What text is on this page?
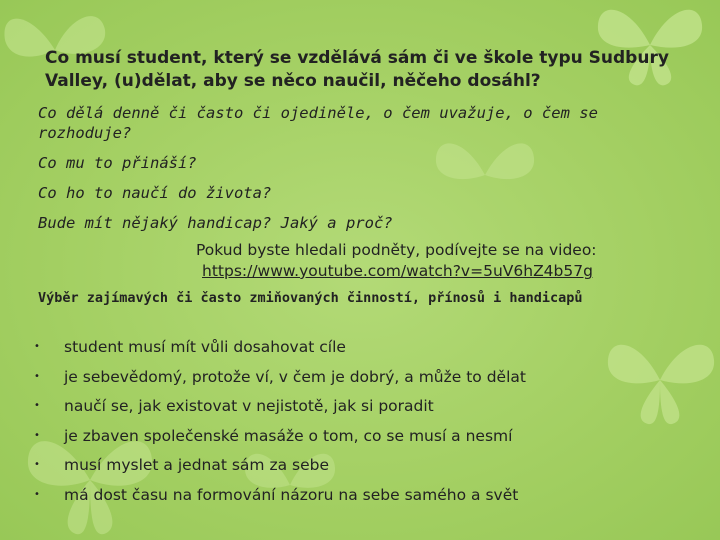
Co musí student, který se vzdělává sám či ve škole typu Sudbury Valley, (u)dělat, aby se něco naučil, něčeho dosáhl?
Co dělá denně či často či ojediněle, o čem uvažuje, o čem se rozhoduje?
Co mu to přináší?
Co ho to naučí do života?
Bude mít nějaký handicap? Jaký a proč?
Pokud byste hledali podněty, podívejte se na video:
https://www.youtube.com/watch?v=5uV6hZ4b57g
Výběr zajímavých či často zmiňovaných činností, přínosů i handicapů
• student musí mít vůli dosahovat cíle
• je sebevědomý, protože ví, v čem je dobrý, a může to dělat
• naučí se, jak existovat v nejistotě, jak si poradit
• je zbaven společenské masáže o tom, co se musí a nesmí
• musí myslet a jednat sám za sebe
• má dost času na formování názoru na sebe samého a svět
